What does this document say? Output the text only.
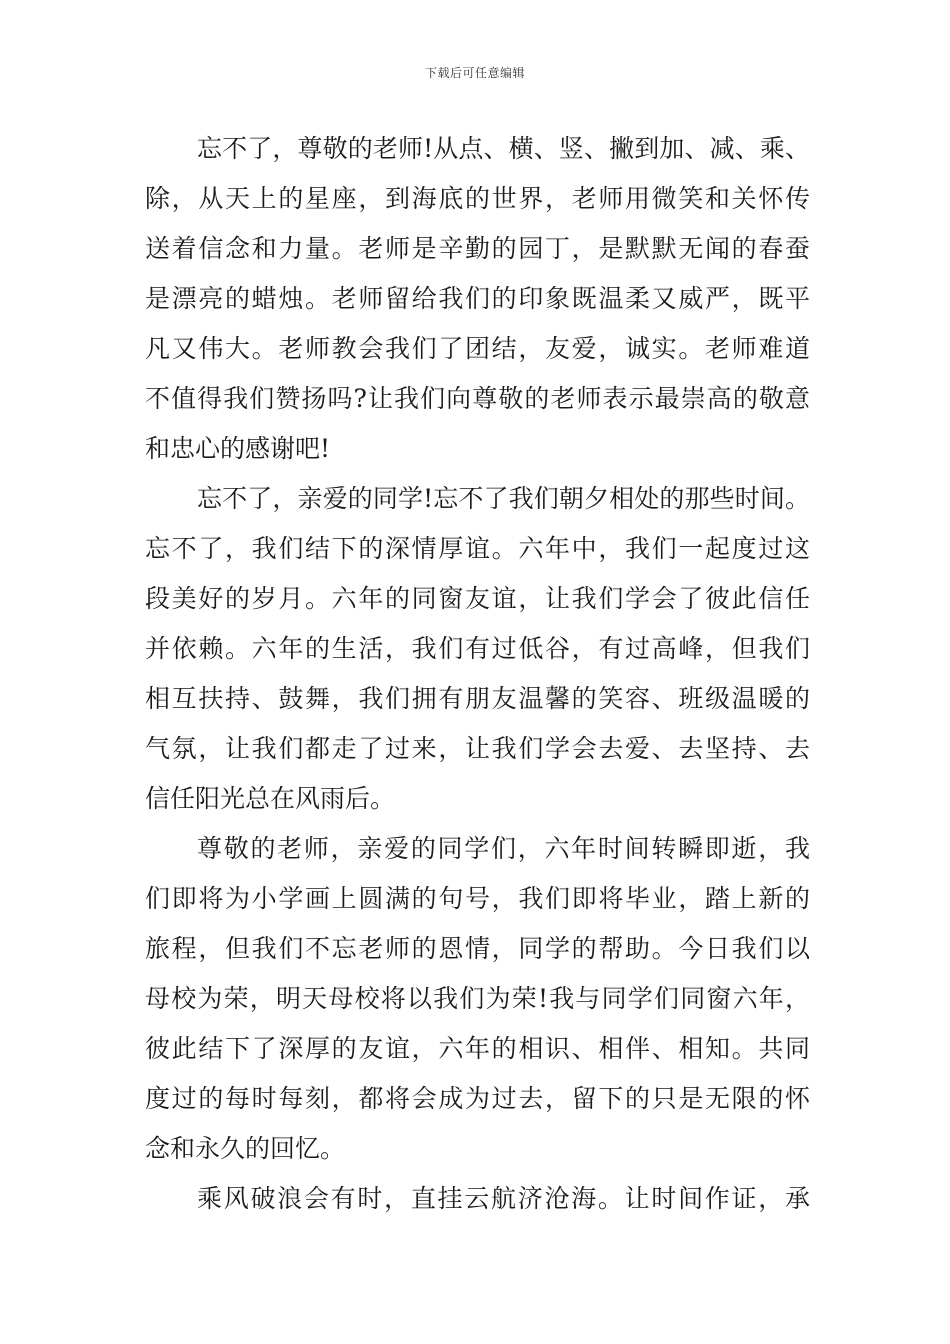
下载后可任意编辑
忘不了，尊敬的老师!从点、横、竖、撇到加、减、乘、
除，从天上的星座，到海底的世界，老师用微笑和关怀传
送着信念和力量。老师是辛勤的园丁，是默默无闻的春蚕
是漂亮的蜡烛。老师留给我们的印象既温柔又威严，既平
凡又伟大。老师教会我们了团结，友爱，诚实。老师难道
不值得我们赞扬吗?让我们向尊敬的老师表示最崇高的敬意
和忠心的感谢吧!
忘不了，亲爱的同学!忘不了我们朝夕相处的那些时间。
忘不了，我们结下的深情厚谊。六年中，我们一起度过这
段美好的岁月。六年的同窗友谊，让我们学会了彼此信任
并依赖。六年的生活，我们有过低谷，有过高峰，但我们
相互扶持、鼓舞，我们拥有朋友温馨的笑容、班级温暖的
气氛，让我们都走了过来，让我们学会去爱、去坚持、去
信任阳光总在风雨后。
尊敬的老师，亲爱的同学们，六年时间转瞬即逝，我
们即将为小学画上圆满的句号，我们即将毕业，踏上新的
旅程，但我们不忘老师的恩情，同学的帮助。今日我们以
母校为荣，明天母校将以我们为荣!我与同学们同窗六年，
彼此结下了深厚的友谊，六年的相识、相伴、相知。共同
度过的每时每刻，都将会成为过去，留下的只是无限的怀
念和永久的回忆。
乘风破浪会有时，直挂云航济沧海。让时间作证，承
